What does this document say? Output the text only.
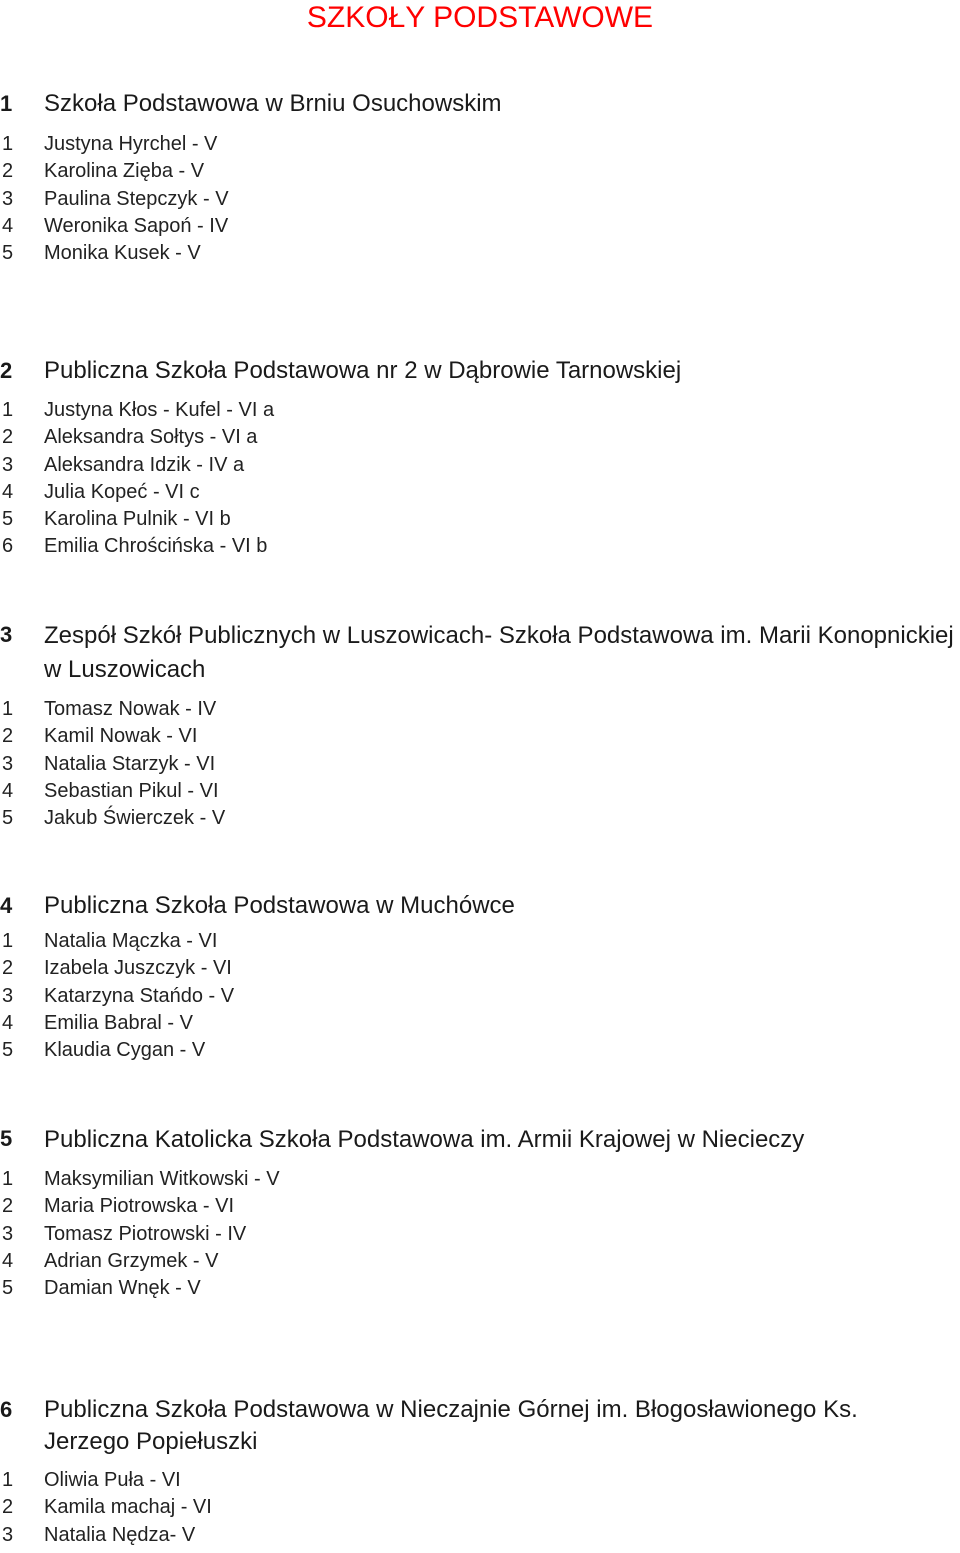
SZKOŁY PODSTAWOWE
1 Szkoła Podstawowa w Brniu Osuchowskim
1 Justyna Hyrchel - V
2 Karolina Zięba - V
3 Paulina Stepczyk - V
4 Weronika Sapoń - IV
5 Monika Kusek - V
2 Publiczna Szkoła Podstawowa nr 2 w Dąbrowie Tarnowskiej
1 Justyna Kłos - Kufel - VI a
2 Aleksandra Sołtys - VI a
3 Aleksandra Idzik - IV a
4 Julia Kopeć - VI c
5 Karolina Pulnik - VI b
6 Emilia Chrościńska - VI b
3 Zespół Szkół Publicznych w Luszowicach- Szkoła Podstawowa im. Marii Konopnickiej w Luszowicach
1 Tomasz Nowak - IV
2 Kamil Nowak - VI
3 Natalia Starzyk - VI
4 Sebastian Pikul - VI
5 Jakub Świerczek - V
4 Publiczna Szkoła Podstawowa w Muchówce
1 Natalia Mączka - VI
2 Izabela Juszczyk - VI
3 Katarzyna Stańdo - V
4 Emilia Babral - V
5 Klaudia Cygan - V
5 Publiczna Katolicka Szkoła Podstawowa im. Armii Krajowej w Niecieczy
1 Maksymilian Witkowski - V
2 Maria Piotrowska - VI
3 Tomasz Piotrowski - IV
4 Adrian Grzymek - V
5 Damian Wnęk - V
6 Publiczna Szkoła Podstawowa w Nieczajnie Górnej im. Błogosławionego Ks. Jerzego Popiełuszki
1 Oliwia Puła - VI
2 Kamila machaj - VI
3 Natalia Nędza- V
